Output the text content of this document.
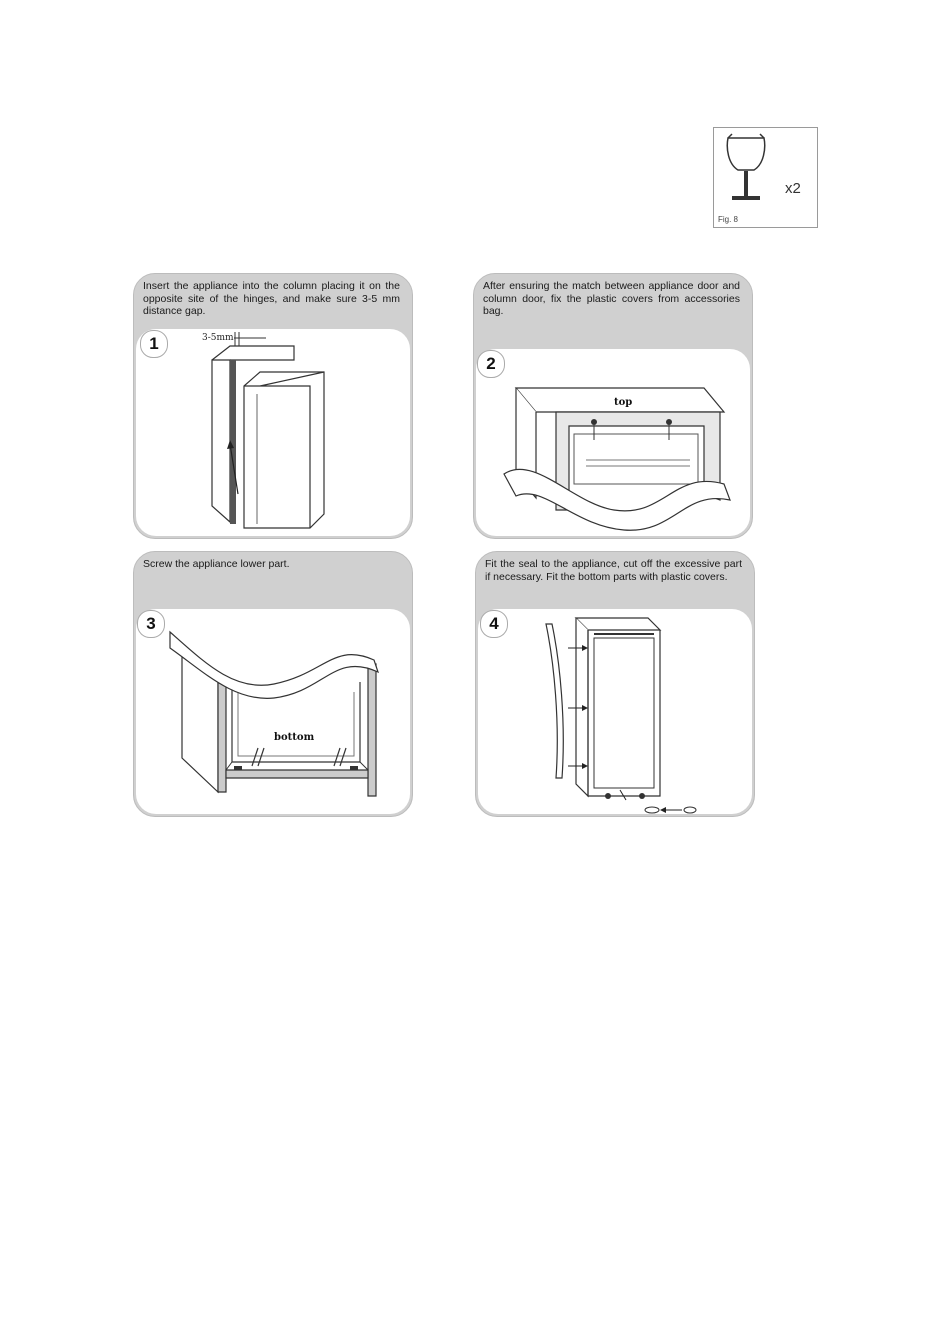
x2
Fig. 8
Insert the appliance into the column placing it on the opposite site of the hinges, and make sure 3-5 mm distance gap.
1	3-5mm
After ensuring the match between appliance door and column door, fix the plastic covers from accessories bag.
2
top
Screw the appliance lower part.
3
bottom
Fit the seal to the appliance, cut off the excessive part if necessary. Fit the bottom parts with plastic covers.
4
